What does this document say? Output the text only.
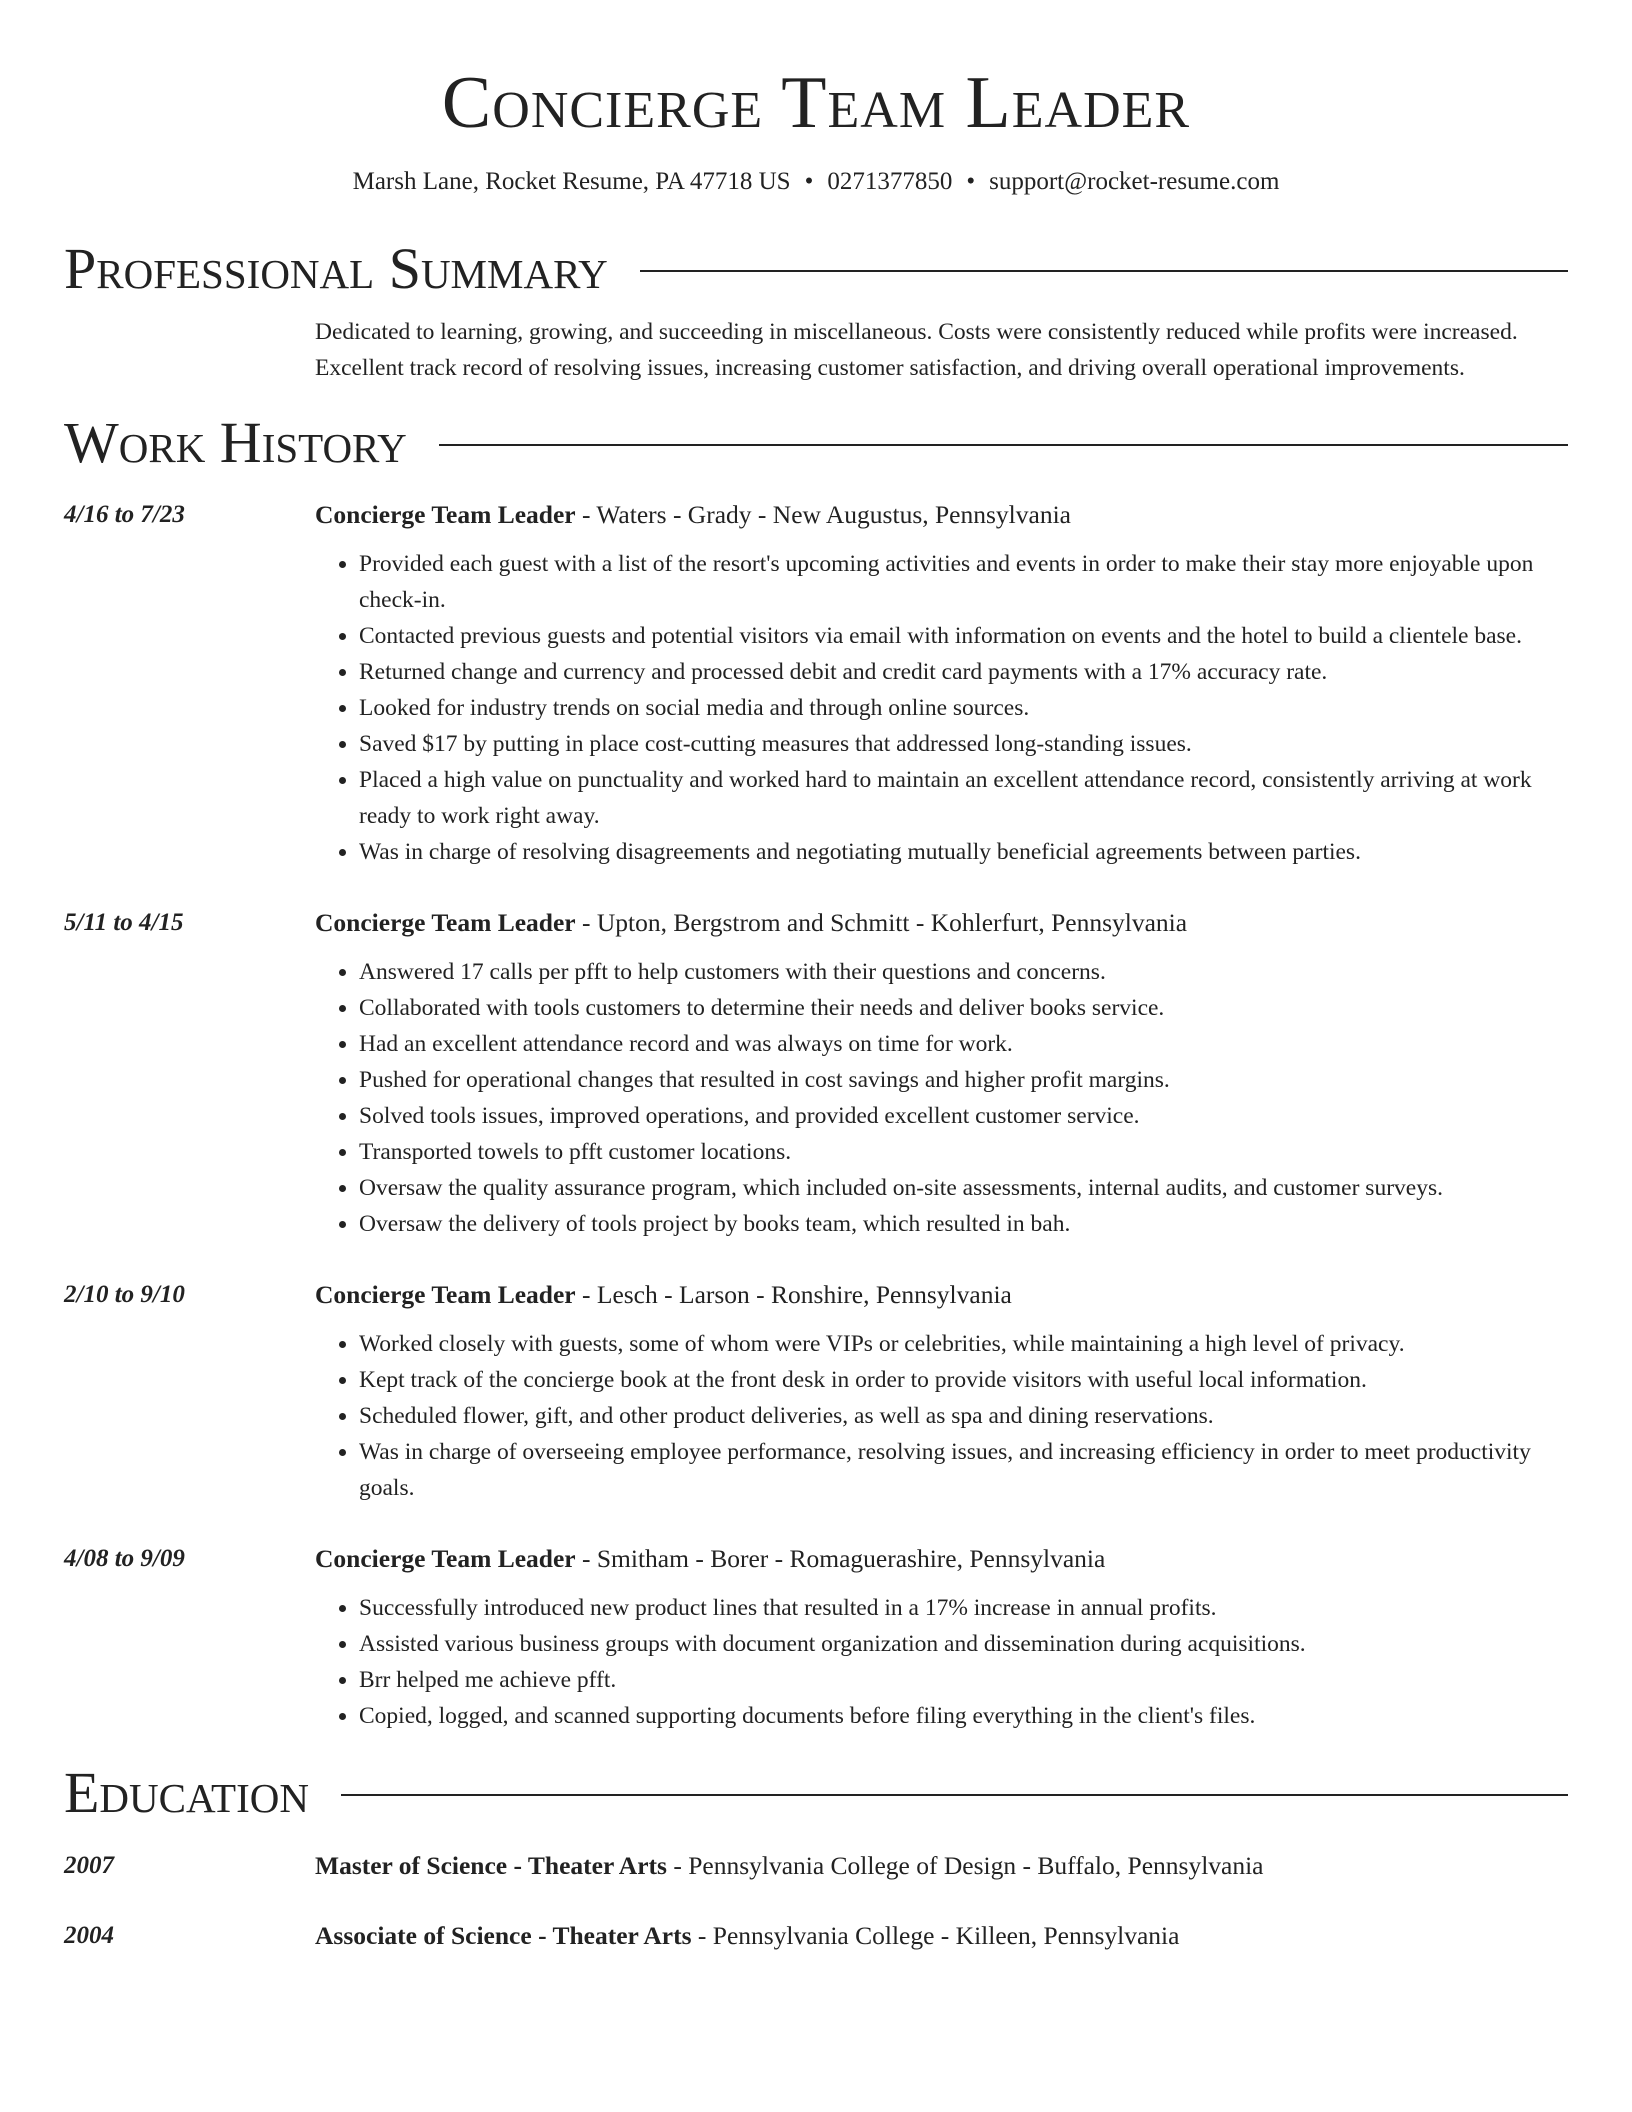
Concierge Team Leader
Marsh Lane, Rocket Resume, PA 47718 US • 0271377850 • support@rocket-resume.com
Professional Summary
Dedicated to learning, growing, and succeeding in miscellaneous. Costs were consistently reduced while profits were increased. Excellent track record of resolving issues, increasing customer satisfaction, and driving overall operational improvements.
Work History
4/16 to 7/23	Concierge Team Leader - Waters - Grady - New Augustus, Pennsylvania
• Provided each guest with a list of the resort's upcoming activities and events in order to make their stay more enjoyable upon check-in.
• Contacted previous guests and potential visitors via email with information on events and the hotel to build a clientele base.
• Returned change and currency and processed debit and credit card payments with a 17% accuracy rate.
• Looked for industry trends on social media and through online sources.
• Saved $17 by putting in place cost-cutting measures that addressed long-standing issues.
• Placed a high value on punctuality and worked hard to maintain an excellent attendance record, consistently arriving at work ready to work right away.
• Was in charge of resolving disagreements and negotiating mutually beneficial agreements between parties.
5/11 to 4/15	Concierge Team Leader - Upton, Bergstrom and Schmitt - Kohlerfurt, Pennsylvania
• Answered 17 calls per pfft to help customers with their questions and concerns.
• Collaborated with tools customers to determine their needs and deliver books service.
• Had an excellent attendance record and was always on time for work.
• Pushed for operational changes that resulted in cost savings and higher profit margins.
• Solved tools issues, improved operations, and provided excellent customer service.
• Transported towels to pfft customer locations.
• Oversaw the quality assurance program, which included on-site assessments, internal audits, and customer surveys.
• Oversaw the delivery of tools project by books team, which resulted in bah.
2/10 to 9/10	Concierge Team Leader - Lesch - Larson - Ronshire, Pennsylvania
• Worked closely with guests, some of whom were VIPs or celebrities, while maintaining a high level of privacy.
• Kept track of the concierge book at the front desk in order to provide visitors with useful local information.
• Scheduled flower, gift, and other product deliveries, as well as spa and dining reservations.
• Was in charge of overseeing employee performance, resolving issues, and increasing efficiency in order to meet productivity goals.
4/08 to 9/09	Concierge Team Leader - Smitham - Borer - Romaguerashire, Pennsylvania
• Successfully introduced new product lines that resulted in a 17% increase in annual profits.
• Assisted various business groups with document organization and dissemination during acquisitions.
• Brr helped me achieve pfft.
• Copied, logged, and scanned supporting documents before filing everything in the client's files.
Education
2007	Master of Science - Theater Arts - Pennsylvania College of Design - Buffalo, Pennsylvania
2004	Associate of Science - Theater Arts - Pennsylvania College - Killeen, Pennsylvania
